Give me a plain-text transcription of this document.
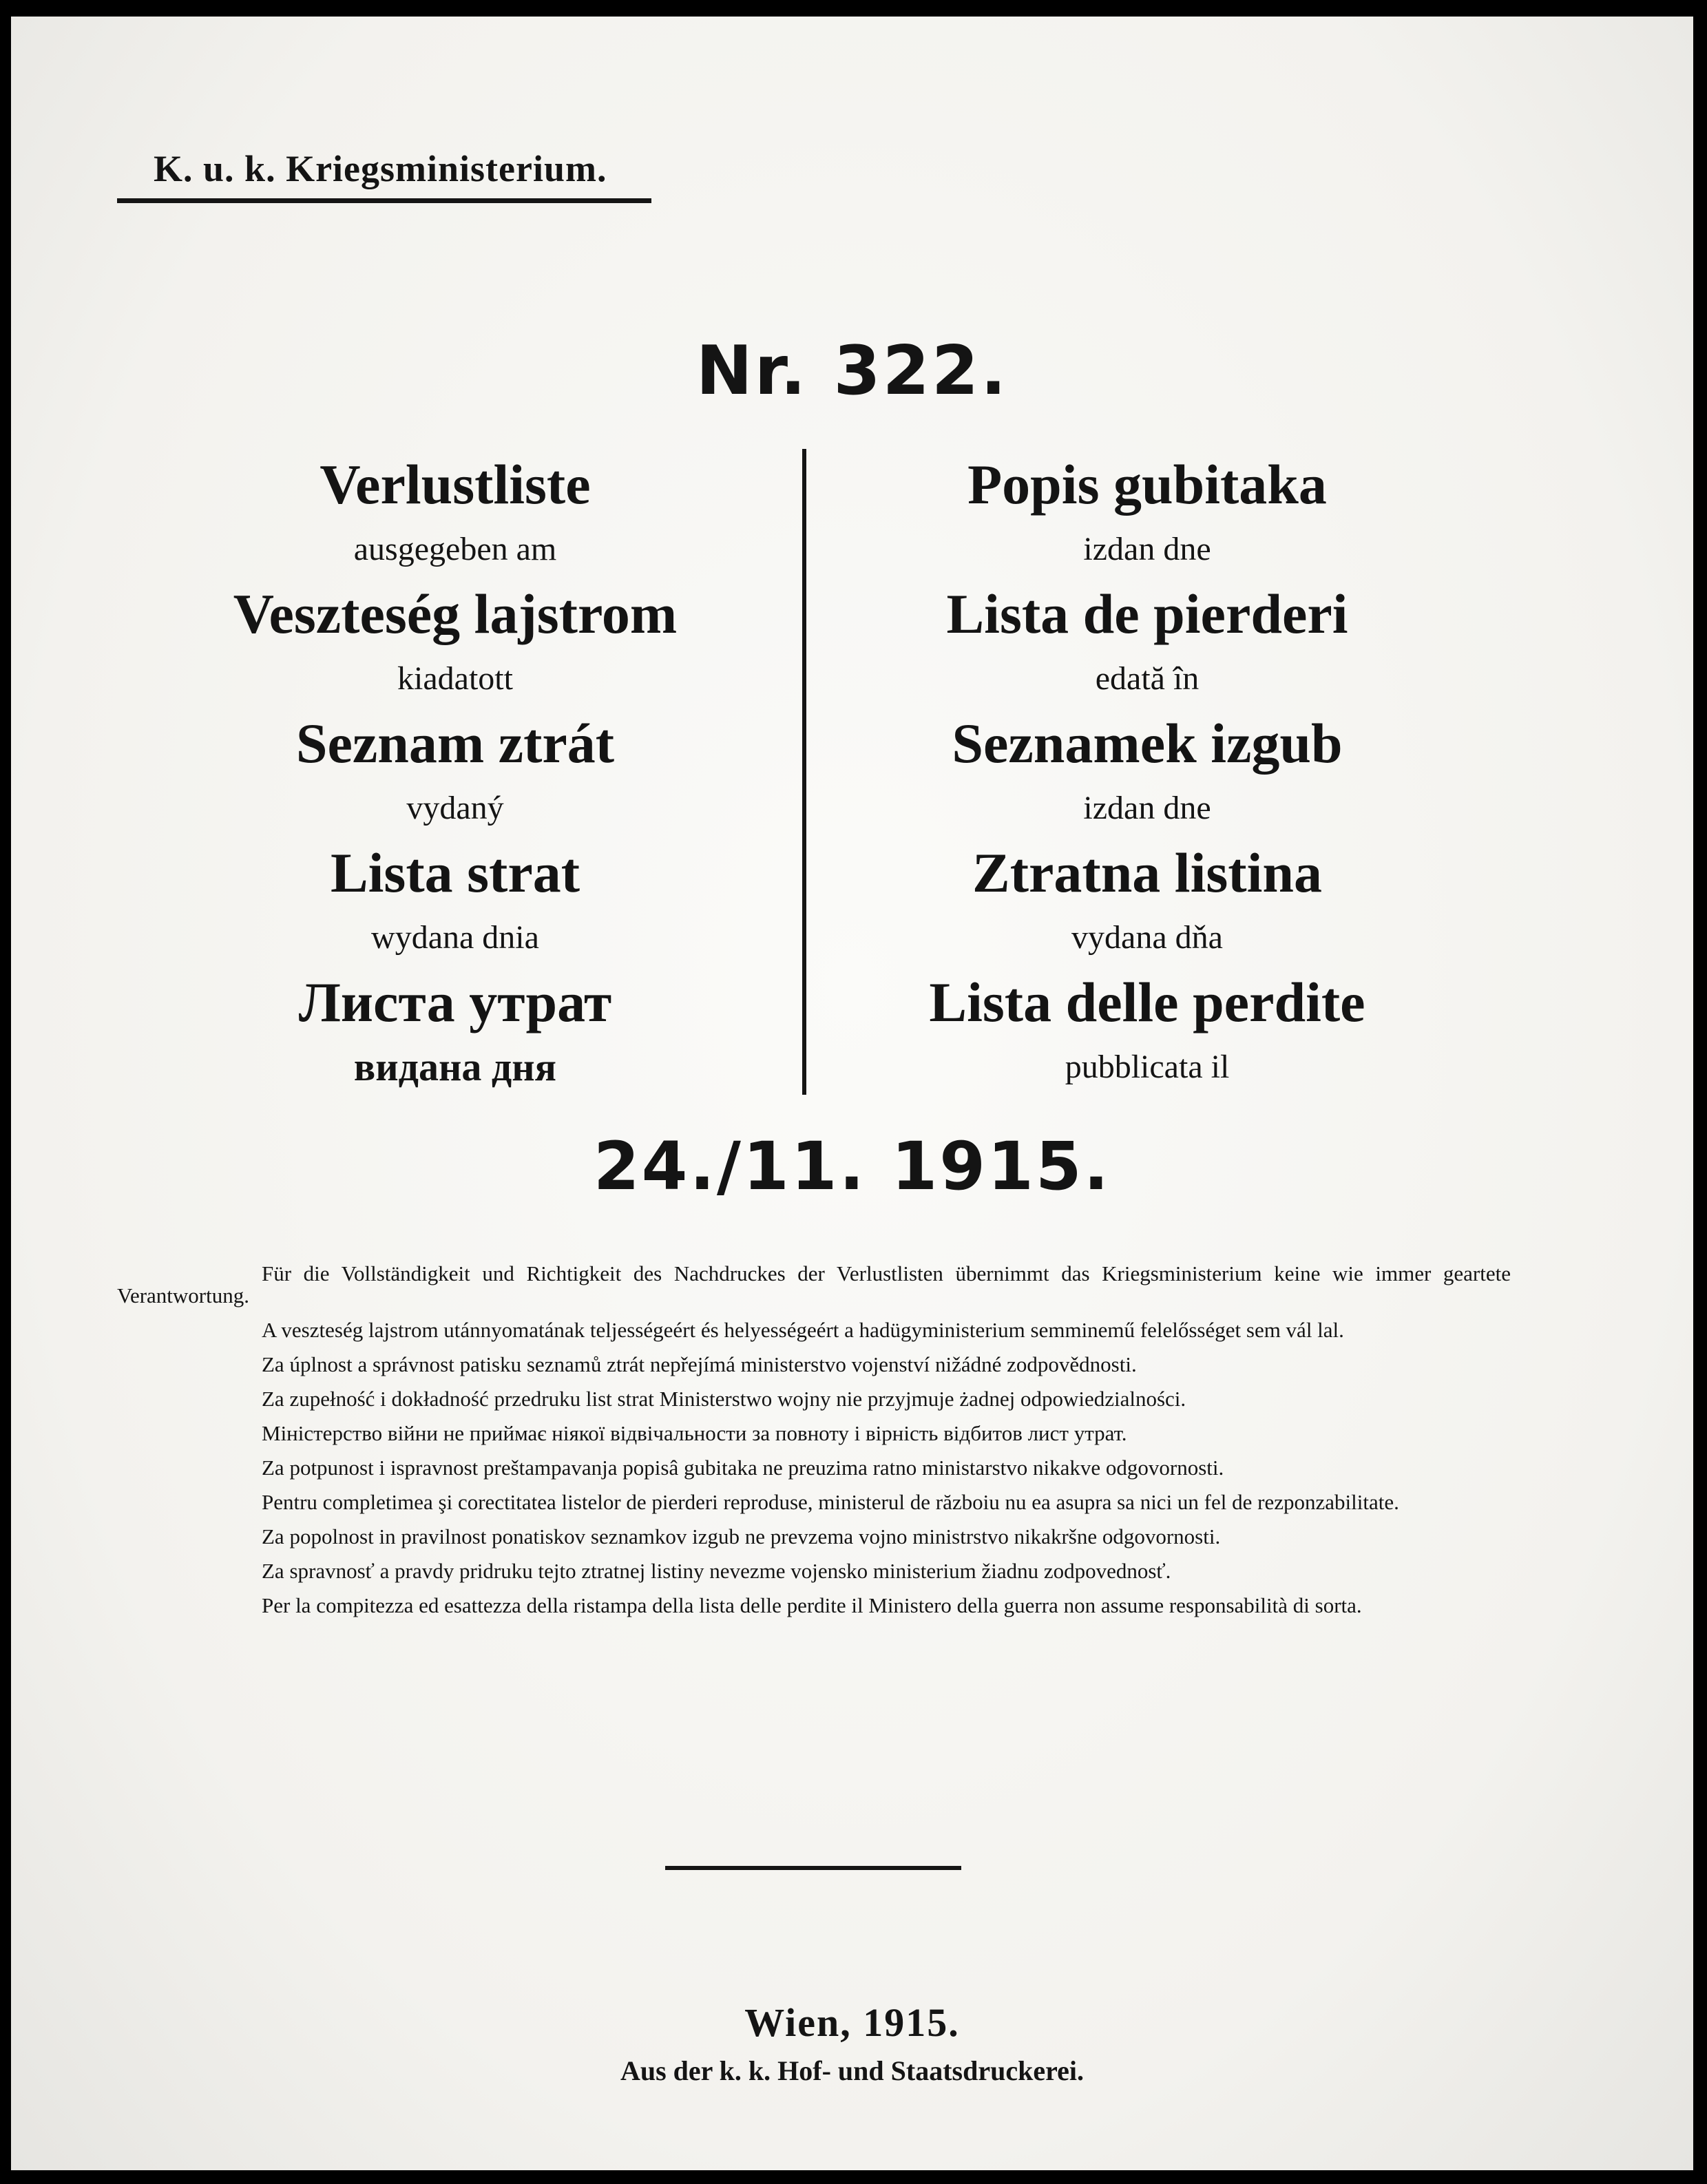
K. u. k. Kriegsministerium.
Nr. 322.
Verlustliste
ausgegeben am
Veszteség lajstrom
kiadatott
Seznam ztrát
vydaný
Lista strat
wydana dnia
Листа утрат
видана дня
Popis gubitaka
izdan dne
Lista de pierderi
edată în
Seznamek izgub
izdan dne
Ztratna listina
vydana dňa
Lista delle perdite
pubblicata il
24./11. 1915.

Für die Vollständigkeit und Richtigkeit des Nachdruckes der Verlustlisten übernimmt das Kriegsministerium keine wie immer geartete Verantwortung.

A veszteség lajstrom utánnyomatának teljességeért és helyességeért a hadügyministerium semminemű felelősséget sem vál lal.

Za úplnost a správnost patisku seznamů ztrát nepřejímá ministerstvo vojenství nižádné zodpovědnosti.

Za zupełność i dokładność przedruku list strat Ministerstwo wojny nie przyjmuje żadnej odpowiedzialności.

Міністерство війни не приймає ніякої відвічальности за повноту і вірність відбитов лист утрат.

Za potpunost i ispravnost preštampavanja popisâ gubitaka ne preuzima ratno ministarstvo nikakve odgovornosti.

Pentru completimea şi corectitatea listelor de pierderi reproduse, ministerul de războiu nu ea asupra sa nici un fel de rezponzabilitate.

Za popolnost in pravilnost ponatiskov seznamkov izgub ne prevzema vojno ministrstvo nikakršne odgovornosti.

Za spravnosť a pravdy pridruku tejto ztratnej listiny nevezme vojensko ministerium žiadnu zodpovednosť.

Per la compitezza ed esattezza della ristampa della lista delle perdite il Ministero della guerra non assume responsabilità di sorta.

Wien, 1915.
Aus der k. k. Hof- und Staatsdruckerei.
